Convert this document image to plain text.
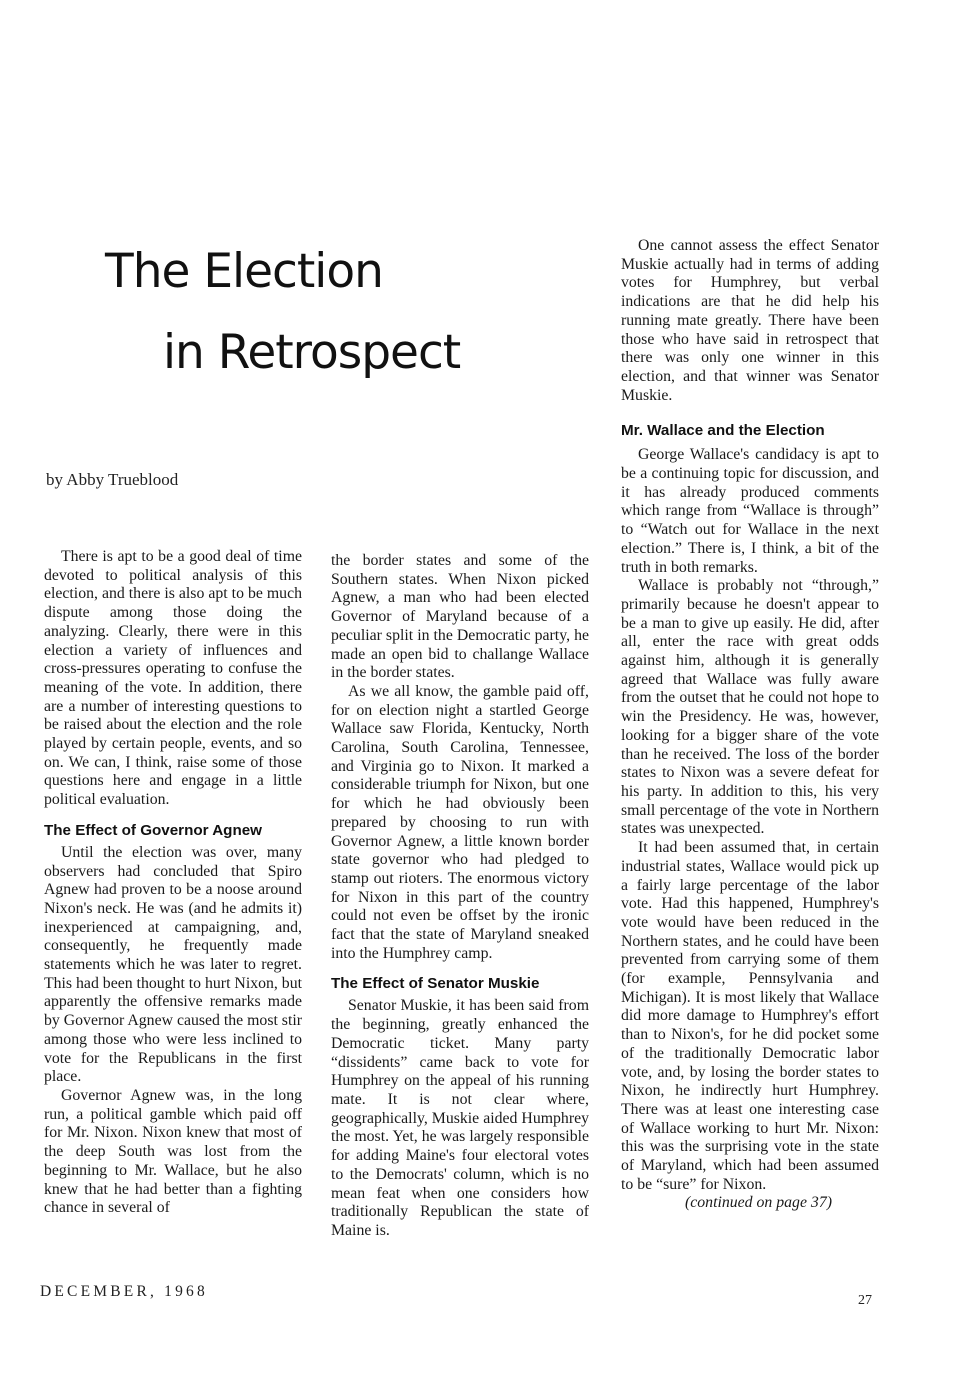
The Election
in Retrospect

by Abby Trueblood

There is apt to be a good deal of time devoted to political analysis of this election, and there is also apt to be much dispute among those doing the analyzing. Clearly, there were in this election a variety of influences and cross-pressures operating to confuse the meaning of the vote. In addition, there are a number of interesting questions to be raised about the election and the role played by certain people, events, and so on. We can, I think, raise some of those questions here and engage in a little political evaluation.

The Effect of Governor Agnew

Until the election was over, many observers had concluded that Spiro Agnew had proven to be a noose around Nixon's neck. He was (and he admits it) inexperienced at campaigning, and, consequently, he frequently made statements which he was later to regret. This had been thought to hurt Nixon, but apparently the offensive remarks made by Governor Agnew caused the most stir among those who were less inclined to vote for the Republicans in the first place.

Governor Agnew was, in the long run, a political gamble which paid off for Mr. Nixon. Nixon knew that most of the deep South was lost from the beginning to Mr. Wallace, but he also knew that he had better than a fighting chance in several of

the border states and some of the Southern states. When Nixon picked Agnew, a man who had been elected Governor of Maryland because of a peculiar split in the Democratic party, he made an open bid to challange Wallace in the border states.

As we all know, the gamble paid off, for on election night a startled George Wallace saw Florida, Kentucky, North Carolina, South Carolina, Tennessee, and Virginia go to Nixon. It marked a considerable triumph for Nixon, but one for which he had obviously been prepared by choosing to run with Governor Agnew, a little known border state governor who had pledged to stamp out rioters. The enormous victory for Nixon in this part of the country could not even be offset by the ironic fact that the state of Maryland sneaked into the Humphrey camp.

The Effect of Senator Muskie

Senator Muskie, it has been said from the beginning, greatly enhanced the Democratic ticket. Many party “dissidents” came back to vote for Humphrey on the appeal of his running mate. It is not clear where, geographically, Muskie aided Humphrey the most. Yet, he was largely responsible for adding Maine's four electoral votes to the Democrats' column, which is no mean feat when one considers how traditionally Republican the state of Maine is.

One cannot assess the effect Senator Muskie actually had in terms of adding votes for Humphrey, but verbal indications are that he did help his running mate greatly. There have been those who have said in retrospect that there was only one winner in this election, and that winner was Senator Muskie.

Mr. Wallace and the Election

George Wallace's candidacy is apt to be a continuing topic for discussion, and it has already produced comments which range from “Wallace is through” to “Watch out for Wallace in the next election.” There is, I think, a bit of the truth in both remarks.

Wallace is probably not “through,” primarily because he doesn't appear to be a man to give up easily. He did, after all, enter the race with great odds against him, although it is generally agreed that Wallace was fully aware from the outset that he could not hope to win the Presidency. He was, however, looking for a bigger share of the vote than he received. The loss of the border states to Nixon was a severe defeat for his party. In addition to this, his very small percentage of the vote in Northern states was unexpected.

It had been assumed that, in certain industrial states, Wallace would pick up a fairly large percentage of the labor vote. Had this happened, Humphrey's vote would have been reduced in the Northern states, and he could have been prevented from carrying some of them (for example, Pennsylvania and Michigan). It is most likely that Wallace did more damage to Humphrey's effort than to Nixon's, for he did pocket some of the traditionally Democratic labor vote, and, by losing the border states to Nixon, he indirectly hurt Humphrey. There was at least one interesting case of Wallace working to hurt Mr. Nixon: this was the surprising vote in the state of Maryland, which had been assumed to be “sure” for Nixon.

(continued on page 37)

DECEMBER, 1968
27
